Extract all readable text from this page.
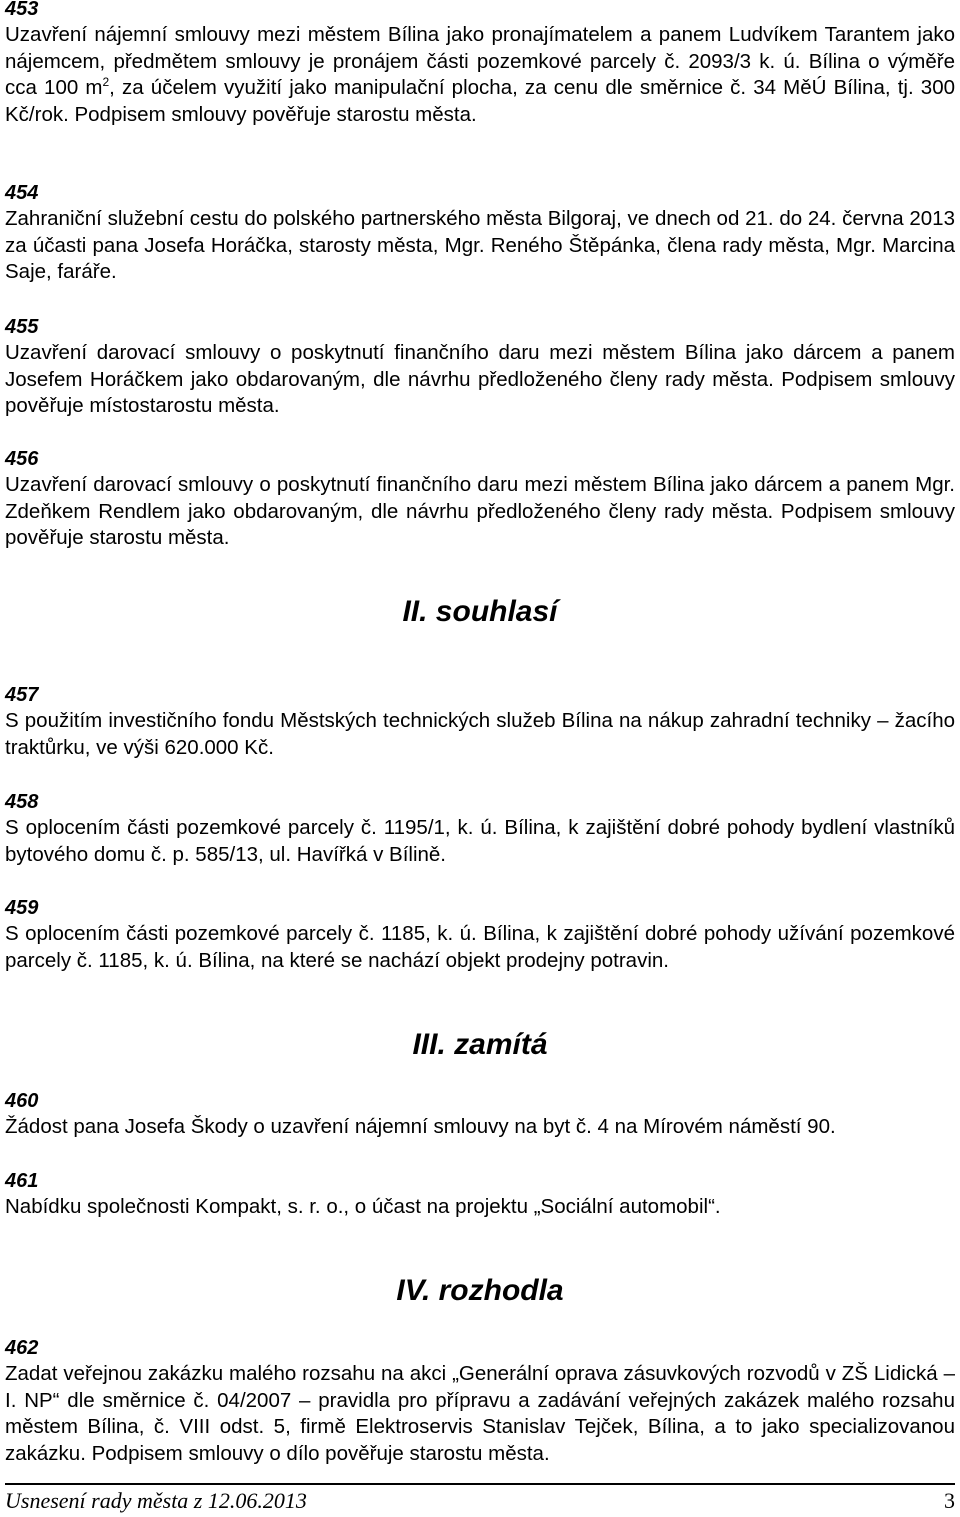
453

Uzavření nájemní smlouvy mezi městem Bílina jako pronajímatelem a panem Ludvíkem Tarantem jako nájemcem, předmětem smlouvy je pronájem části pozemkové parcely č. 2093/3 k. ú. Bílina o výměře cca 100 $m^2$, za účelem využití jako manipulační plocha, za cenu dle směrnice č. 34 MěÚ Bílina, tj. 300 Kč/rok. Podpisem smlouvy pověřuje starostu města.

454

Zahraniční služební cestu do polského partnerského města Bilgoraj, ve dnech od 21. do 24. června 2013 za účasti pana Josefa Horáčka, starosty města, Mgr. Reného Štěpánka, člena rady města, Mgr. Marcina Saje, faráře.

455

Uzavření darovací smlouvy o poskytnutí finančního daru mezi městem Bílina jako dárcem a panem Josefem Horáčkem jako obdarovaným, dle návrhu předloženého členy rady města. Podpisem smlouvy pověřuje místostarostu města.

456

Uzavření darovací smlouvy o poskytnutí finančního daru mezi městem Bílina jako dárcem a panem Mgr. Zdeňkem Rendlem jako obdarovaným, dle návrhu předloženého členy rady města. Podpisem smlouvy pověřuje starostu města.

II. souhlasí

457

S použitím investičního fondu Městských technických služeb Bílina na nákup zahradní techniky – žacího traktůrku, ve výši 620.000 Kč.

458

S oplocením části pozemkové parcely č. 1195/1, k. ú. Bílina, k zajištění dobré pohody bydlení vlastníků bytového domu č. p. 585/13, ul. Havířká v Bílině.

459

S oplocením části pozemkové parcely č. 1185, k. ú. Bílina, k zajištění dobré pohody užívání pozemkové parcely č. 1185, k. ú. Bílina, na které se nachází objekt prodejny potravin.

III. zamítá

460

Žádost pana Josefa Škody o uzavření nájemní smlouvy na byt č. 4 na Mírovém náměstí 90.

461

Nabídku společnosti Kompakt, s. r. o., o účast na projektu „Sociální automobil“.

IV. rozhodla

462

Zadat veřejnou zakázku malého rozsahu na akci „Generální oprava zásuvkových rozvodů v ZŠ Lidická – I. NP“ dle směrnice č. 04/2007 – pravidla pro přípravu a zadávání veřejných zakázek malého rozsahu městem Bílina, č. VIII odst. 5, firmě Elektroservis Stanislav Tejček, Bílina, a to jako specializovanou zakázku. Podpisem smlouvy o dílo pověřuje starostu města.

Usnesení rady města z 12.06.2013	3
